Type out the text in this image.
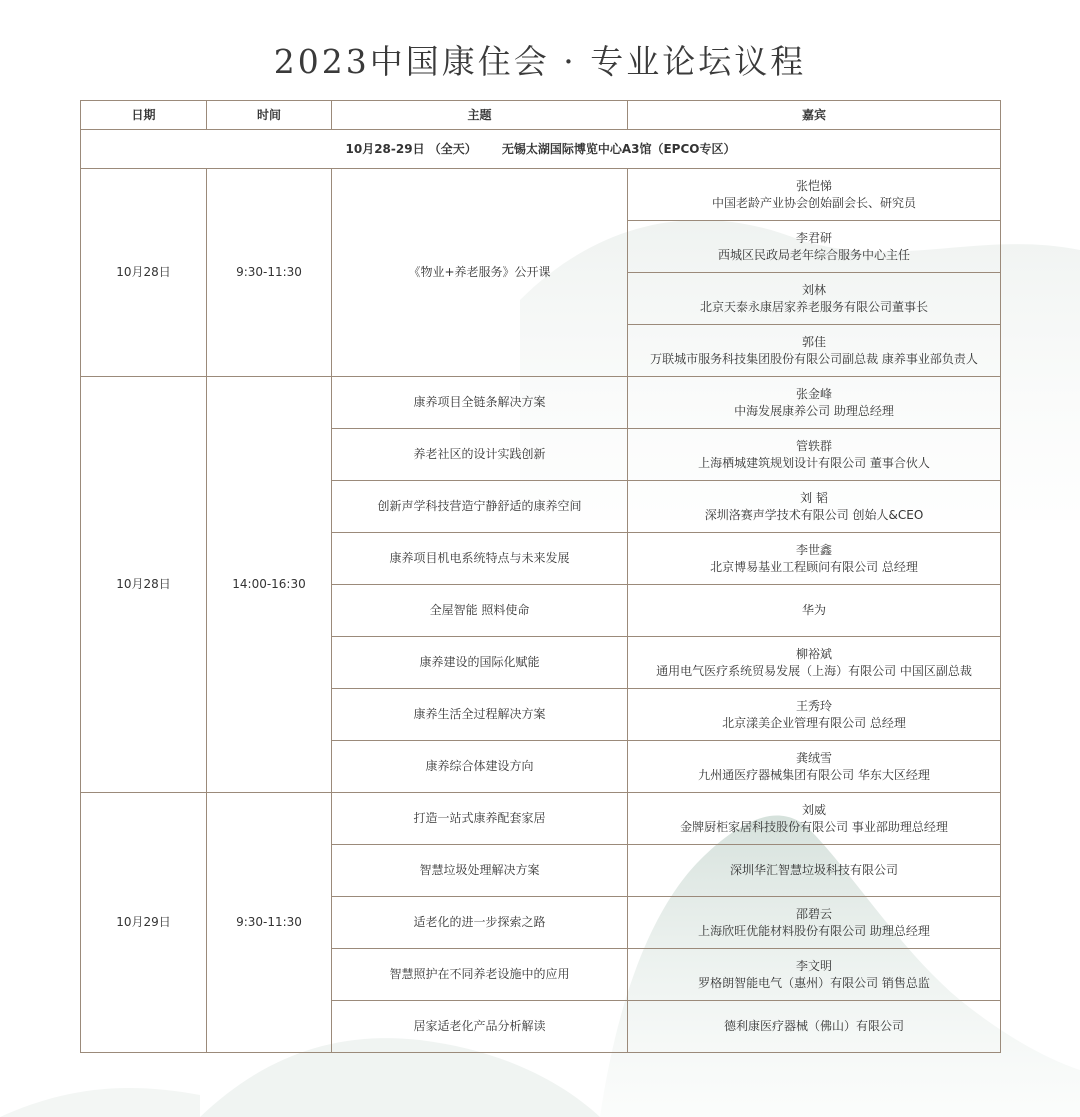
2023中国康住会 · 专业论坛议程
日期	时间	主题	嘉宾
10月28-29日 （全天） 无锡太湖国际博览中心A3馆（EPCO专区）			
10月28日	9:30-11:30	《物业+养老服务》公开课	张恺悌
中国老龄产业协会创始副会长、研究员

			李君研
西城区民政局老年综合服务中心主任

			刘林
北京天泰永康居家养老服务有限公司董事长

			郭佳
万联城市服务科技集团股份有限公司副总裁 康养事业部负责人

10月28日	14:00-16:30	康养项目全链条解决方案	张金峰
中海发展康养公司 助理总经理

		养老社区的设计实践创新	管轶群
上海栖城建筑规划设计有限公司 董事合伙人

		创新声学科技营造宁静舒适的康养空间	刘 韬
深圳洛赛声学技术有限公司 创始人&CEO

		康养项目机电系统特点与未来发展	李世鑫
北京博易基业工程顾问有限公司 总经理

		全屋智能 照料使命	华为

		康养建设的国际化赋能	柳裕斌
通用电气医疗系统贸易发展（上海）有限公司 中国区副总裁

		康养生活全过程解决方案	王秀玲
北京漾美企业管理有限公司 总经理

		康养综合体建设方向	龚绒雪
九州通医疗器械集团有限公司 华东大区经理

10月29日	9:30-11:30	打造一站式康养配套家居	刘威
金牌厨柜家居科技股份有限公司 事业部助理总经理

		智慧垃圾处理解决方案	深圳华汇智慧垃圾科技有限公司

		适老化的进一步探索之路	邵碧云
上海欣旺优能材料股份有限公司 助理总经理

		智慧照护在不同养老设施中的应用	李文明
罗格朗智能电气（惠州）有限公司 销售总监

		居家适老化产品分析解读	德利康医疗器械（佛山）有限公司
